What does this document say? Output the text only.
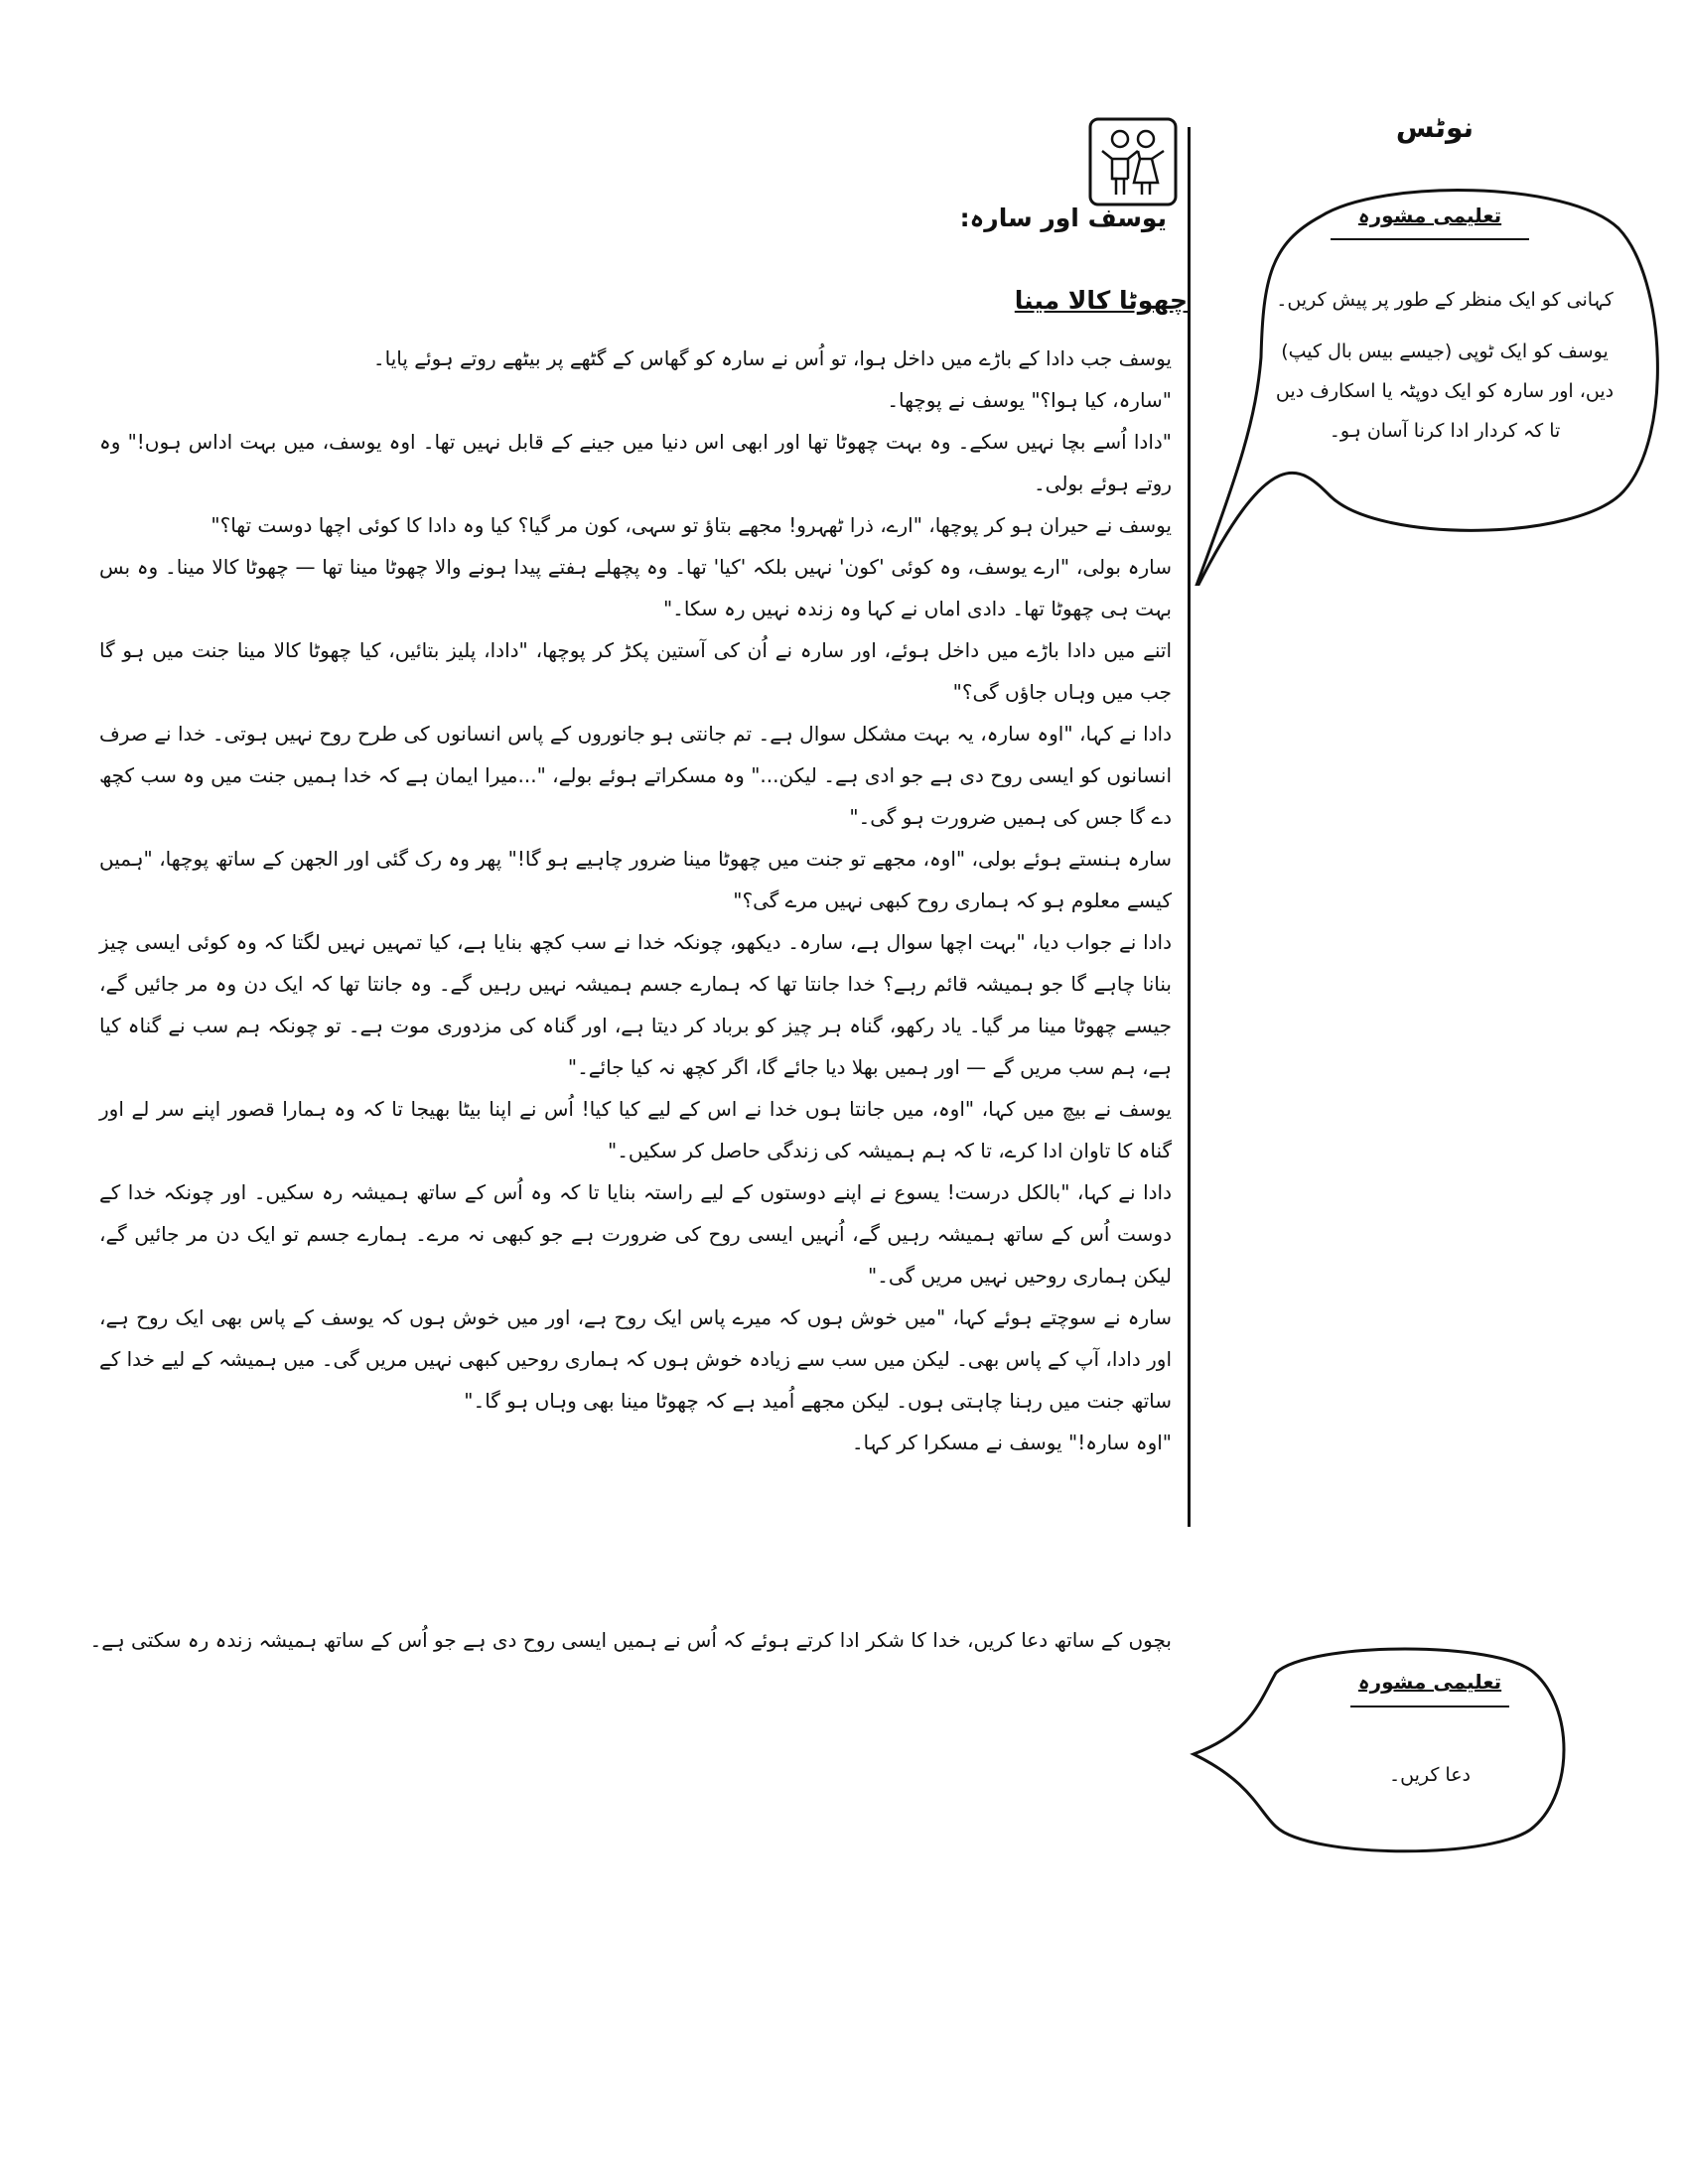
نوٹس
تعلیمی مشورہ
کہانی کو ایک منظر کے طور پر پیش کریں۔
یوسف کو ایک ٹوپی (جیسے بیس بال کیپ)
دیں، اور سارہ کو ایک دوپٹہ یا اسکارف دیں
تا کہ کردار ادا کرنا آسان ہو۔
تعلیمی مشورہ
دعا کریں۔
یوسف اور سارہ:
چھوٹا کالا مینا

یوسف جب دادا کے باڑے میں داخل ہوا، تو اُس نے سارہ کو گھاس کے گٹھے پر بیٹھے روتے ہوئے پایا۔

"سارہ، کیا ہوا؟" یوسف نے پوچھا۔

"دادا اُسے بچا نہیں سکے۔ وہ بہت چھوٹا تھا اور ابھی اس دنیا میں جینے کے قابل نہیں تھا۔ اوہ یوسف، میں بہت اداس ہوں!" وہ روتے ہوئے بولی۔

یوسف نے حیران ہو کر پوچھا، "ارے، ذرا ٹھہرو! مجھے بتاؤ تو سہی، کون مر گیا؟ کیا وہ دادا کا کوئی اچھا دوست تھا؟"

سارہ بولی، "ارے یوسف، وہ کوئی 'کون' نہیں بلکہ 'کیا' تھا۔ وہ پچھلے ہفتے پیدا ہونے والا چھوٹا مینا تھا — چھوٹا کالا مینا۔ وہ بس بہت ہی چھوٹا تھا۔ دادی اماں نے کہا وہ زندہ نہیں رہ سکا۔"

اتنے میں دادا باڑے میں داخل ہوئے، اور سارہ نے اُن کی آستین پکڑ کر پوچھا، "دادا، پلیز بتائیں، کیا چھوٹا کالا مینا جنت میں ہو گا جب میں وہاں جاؤں گی؟"

دادا نے کہا، "اوہ سارہ، یہ بہت مشکل سوال ہے۔ تم جانتی ہو جانوروں کے پاس انسانوں کی طرح روح نہیں ہوتی۔ خدا نے صرف انسانوں کو ایسی روح دی ہے جو ادی ہے۔ لیکن..." وہ مسکراتے ہوئے بولے، "...میرا ایمان ہے کہ خدا ہمیں جنت میں وہ سب کچھ دے گا جس کی ہمیں ضرورت ہو گی۔"

سارہ ہنستے ہوئے بولی، "اوہ، مجھے تو جنت میں چھوٹا مینا ضرور چاہیے ہو گا!" پھر وہ رک گئی اور الجھن کے ساتھ پوچھا، "ہمیں کیسے معلوم ہو کہ ہماری روح کبھی نہیں مرے گی؟"

دادا نے جواب دیا، "بہت اچھا سوال ہے، سارہ۔ دیکھو، چونکہ خدا نے سب کچھ بنایا ہے، کیا تمہیں نہیں لگتا کہ وہ کوئی ایسی چیز بنانا چاہے گا جو ہمیشہ قائم رہے؟ خدا جانتا تھا کہ ہمارے جسم ہمیشہ نہیں رہیں گے۔ وہ جانتا تھا کہ ایک دن وہ مر جائیں گے، جیسے چھوٹا مینا مر گیا۔ یاد رکھو، گناہ ہر چیز کو برباد کر دیتا ہے، اور گناہ کی مزدوری موت ہے۔ تو چونکہ ہم سب نے گناہ کیا ہے، ہم سب مریں گے — اور ہمیں بھلا دیا جائے گا، اگر کچھ نہ کیا جائے۔"

یوسف نے بیچ میں کہا، "اوہ، میں جانتا ہوں خدا نے اس کے لیے کیا کیا! اُس نے اپنا بیٹا بھیجا تا کہ وہ ہمارا قصور اپنے سر لے اور گناہ کا تاوان ادا کرے، تا کہ ہم ہمیشہ کی زندگی حاصل کر سکیں۔"

دادا نے کہا، "بالکل درست! یسوع نے اپنے دوستوں کے لیے راستہ بنایا تا کہ وہ اُس کے ساتھ ہمیشہ رہ سکیں۔ اور چونکہ خدا کے دوست اُس کے ساتھ ہمیشہ رہیں گے، اُنہیں ایسی روح کی ضرورت ہے جو کبھی نہ مرے۔ ہمارے جسم تو ایک دن مر جائیں گے، لیکن ہماری روحیں نہیں مریں گی۔"

سارہ نے سوچتے ہوئے کہا، "میں خوش ہوں کہ میرے پاس ایک روح ہے، اور میں خوش ہوں کہ یوسف کے پاس بھی ایک روح ہے، اور دادا، آپ کے پاس بھی۔ لیکن میں سب سے زیادہ خوش ہوں کہ ہماری روحیں کبھی نہیں مریں گی۔ میں ہمیشہ کے لیے خدا کے ساتھ جنت میں رہنا چاہتی ہوں۔ لیکن مجھے اُمید ہے کہ چھوٹا مینا بھی وہاں ہو گا۔"

"اوہ سارہ!" یوسف نے مسکرا کر کہا۔

بچوں کے ساتھ دعا کریں، خدا کا شکر ادا کرتے ہوئے کہ اُس نے ہمیں ایسی روح دی ہے جو اُس کے ساتھ ہمیشہ زندہ رہ سکتی ہے۔
